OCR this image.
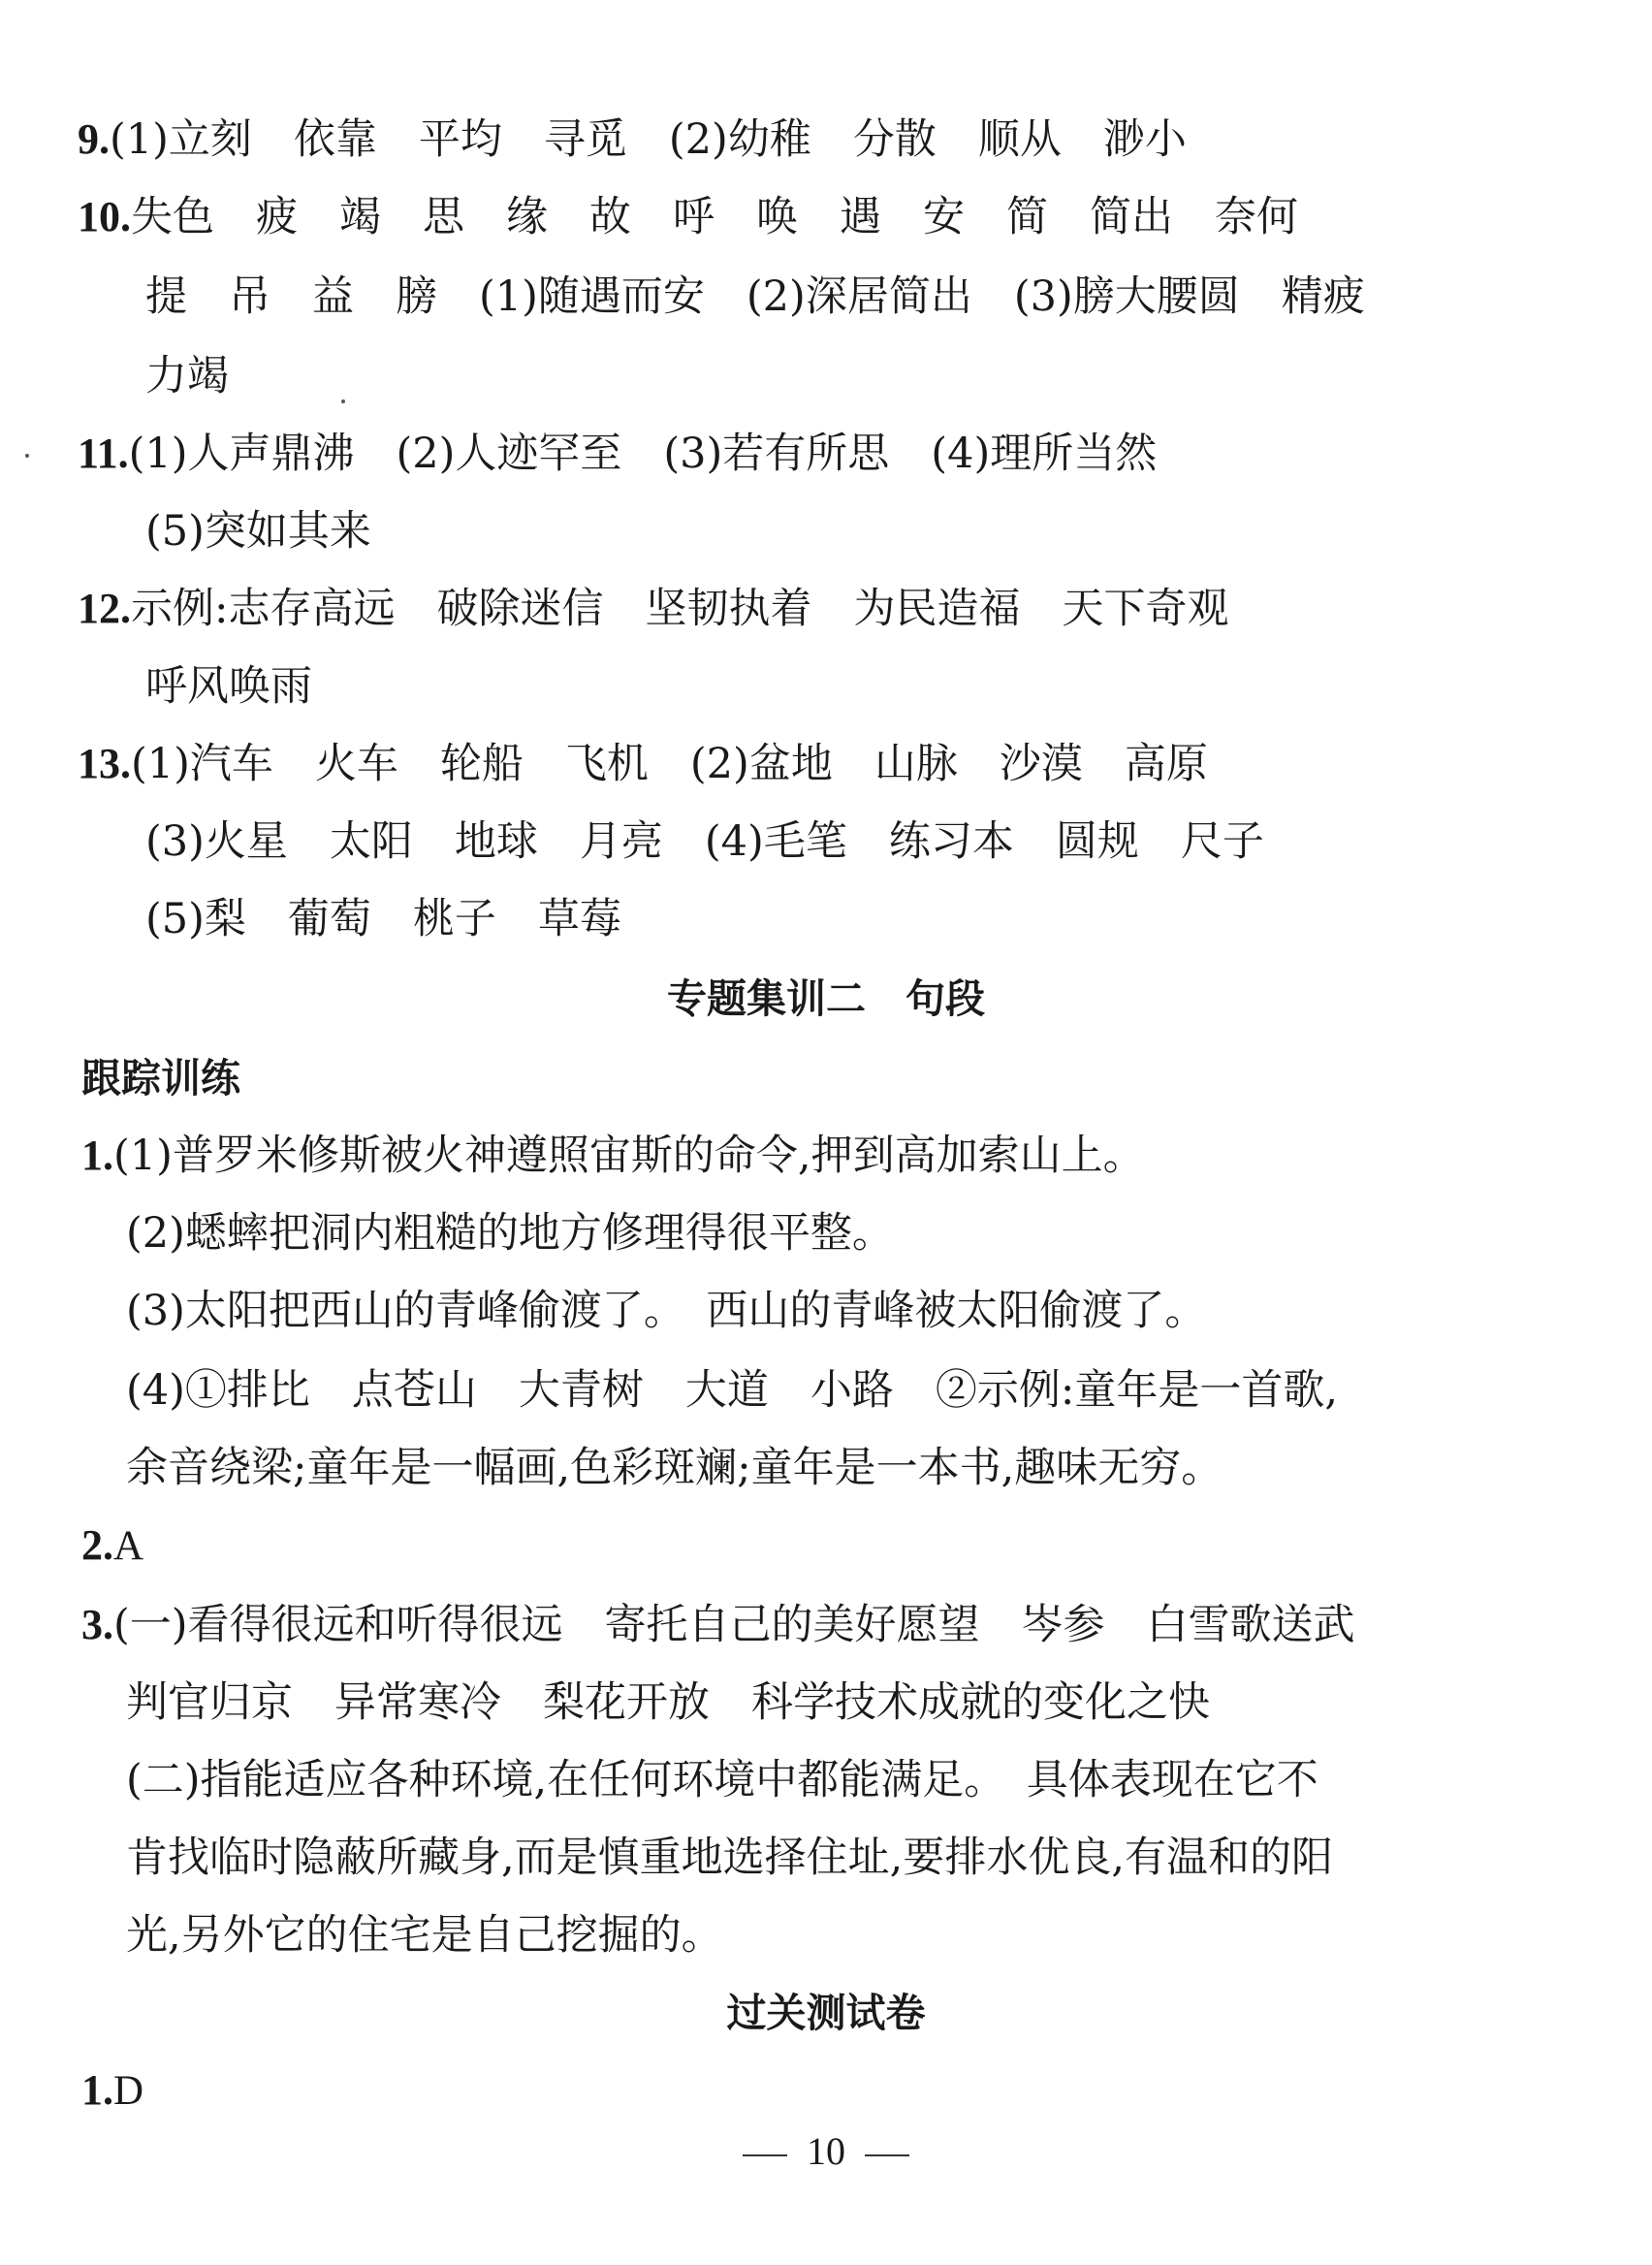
9.(1)立刻　依靠　平均　寻觅　(2)幼稚　分散　顺从　渺小
10.失色　疲　竭　思　缘　故　呼　唤　遇　安　简　简出　奈何
提　吊　益　膀　(1)随遇而安　(2)深居简出　(3)膀大腰圆　精疲
力竭
11.(1)人声鼎沸　(2)人迹罕至　(3)若有所思　(4)理所当然
(5)突如其来
12.示例:志存高远　破除迷信　坚韧执着　为民造福　天下奇观
呼风唤雨
13.(1)汽车　火车　轮船　飞机　(2)盆地　山脉　沙漠　高原
(3)火星　太阳　地球　月亮　(4)毛笔　练习本　圆规　尺子
(5)梨　葡萄　桃子　草莓
专题集训二　句段
跟踪训练
1.(1)普罗米修斯被火神遵照宙斯的命令,押到高加索山上。
(2)蟋蟀把洞内粗糙的地方修理得很平整。
(3)太阳把西山的青峰偷渡了。　西山的青峰被太阳偷渡了。
(4)①排比　点苍山　大青树　大道　小路　②示例:童年是一首歌,
余音绕梁;童年是一幅画,色彩斑斓;童年是一本书,趣味无穷。
2.A
3.(一)看得很远和听得很远　寄托自己的美好愿望　岑参　白雪歌送武
判官归京　异常寒冷　梨花开放　科学技术成就的变化之快
(二)指能适应各种环境,在任何环境中都能满足。　具体表现在它不
肯找临时隐蔽所藏身,而是慎重地选择住址,要排水优良,有温和的阳
光,另外它的住宅是自己挖掘的。
过关测试卷
1.D
10
